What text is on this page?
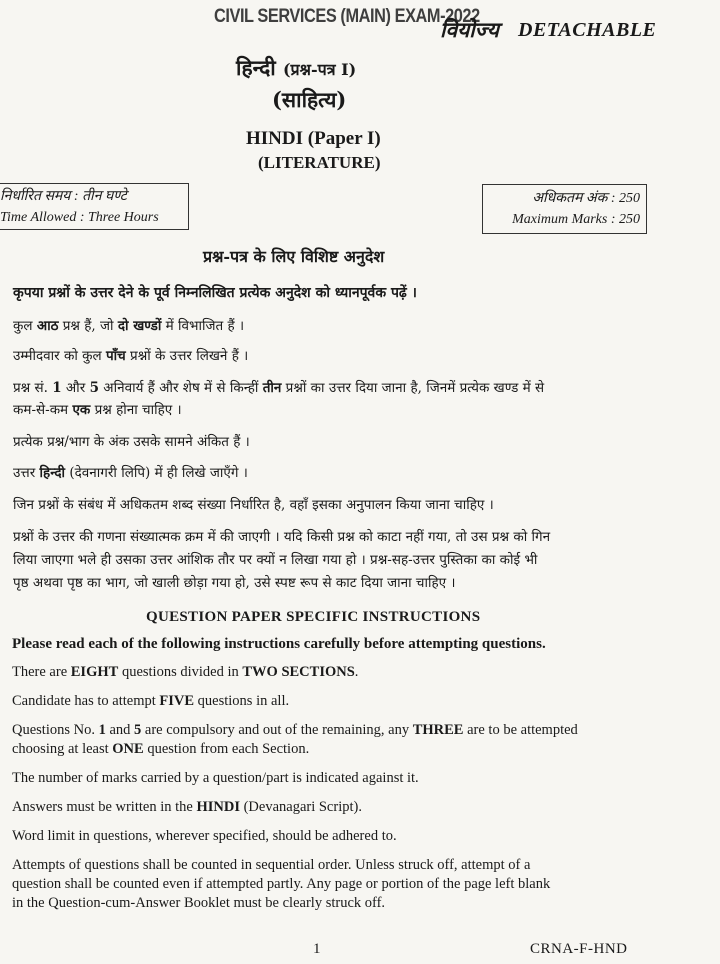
CIVIL SERVICES (MAIN) EXAM-2022
वियोज्य DETACHABLE
हिन्दी (प्रश्न-पत्र I)
(साहित्य)
HINDI (Paper I)
(LITERATURE)
निर्धारित समय : तीन घण्टे
Time Allowed : Three Hours
अधिकतम अंक : 250
Maximum Marks : 250
प्रश्न-पत्र के लिए विशिष्ट अनुदेश
कृपया प्रश्नों के उत्तर देने के पूर्व निम्नलिखित प्रत्येक अनुदेश को ध्यानपूर्वक पढ़ें ।
कुल आठ प्रश्न हैं, जो दो खण्डों में विभाजित हैं ।
उम्मीदवार को कुल पाँच प्रश्नों के उत्तर लिखने हैं ।
प्रश्न सं. 1 और 5 अनिवार्य हैं और शेष में से किन्हीं तीन प्रश्नों का उत्तर दिया जाना है, जिनमें प्रत्येक खण्ड में से
कम-से-कम एक प्रश्न होना चाहिए ।
प्रत्येक प्रश्न/भाग के अंक उसके सामने अंकित हैं ।
उत्तर हिन्दी (देवनागरी लिपि) में ही लिखे जाएँगे ।
जिन प्रश्नों के संबंध में अधिकतम शब्द संख्या निर्धारित है, वहाँ इसका अनुपालन किया जाना चाहिए ।
प्रश्नों के उत्तर की गणना संख्यात्मक क्रम में की जाएगी । यदि किसी प्रश्न को काटा नहीं गया, तो उस प्रश्न को गिन
लिया जाएगा भले ही उसका उत्तर आंशिक तौर पर क्यों न लिखा गया हो । प्रश्न-सह-उत्तर पुस्तिका का कोई भी
पृष्ठ अथवा पृष्ठ का भाग, जो खाली छोड़ा गया हो, उसे स्पष्ट रूप से काट दिया जाना चाहिए ।
QUESTION PAPER SPECIFIC INSTRUCTIONS
Please read each of the following instructions carefully before attempting questions.
There are EIGHT questions divided in TWO SECTIONS.
Candidate has to attempt FIVE questions in all.
Questions No. 1 and 5 are compulsory and out of the remaining, any THREE are to be attempted
choosing at least ONE question from each Section.
The number of marks carried by a question/part is indicated against it.
Answers must be written in the HINDI (Devanagari Script).
Word limit in questions, wherever specified, should be adhered to.
Attempts of questions shall be counted in sequential order. Unless struck off, attempt of a
question shall be counted even if attempted partly. Any page or portion of the page left blank
in the Question-cum-Answer Booklet must be clearly struck off.
1	CRNA-F-HND
